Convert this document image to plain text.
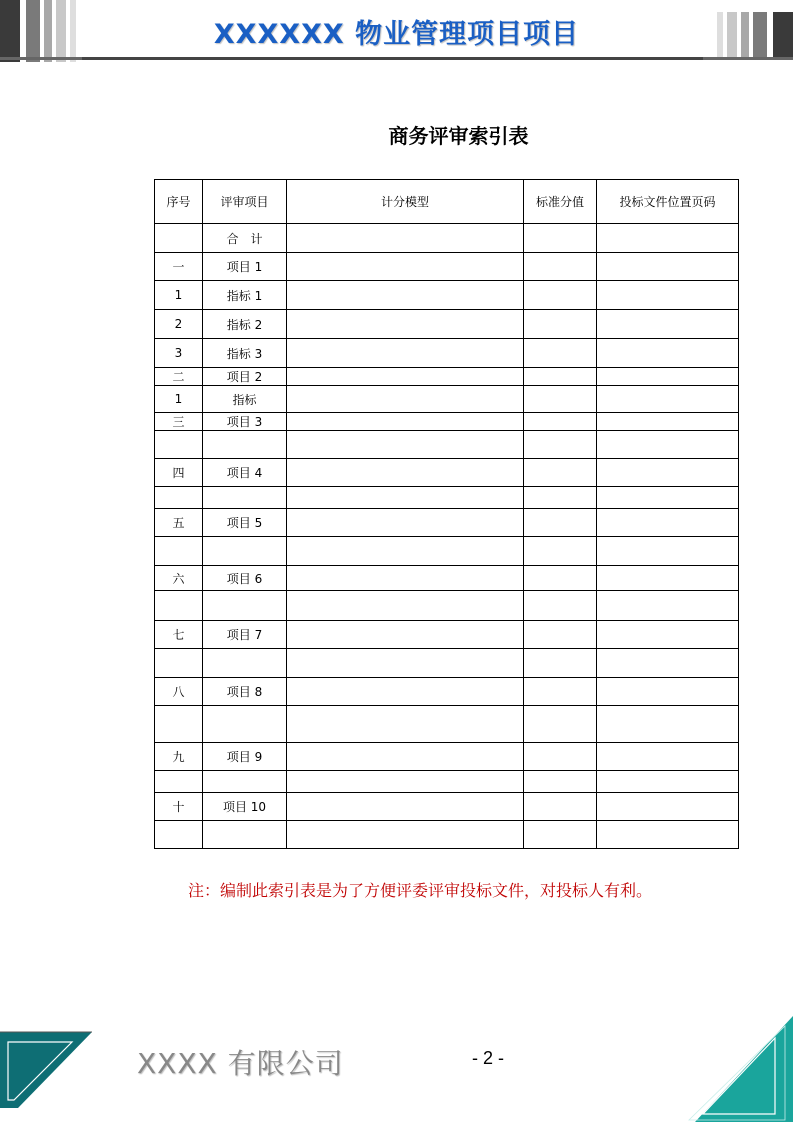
XXXXXX 物业管理项目项目
商务评审索引表
序号	评审项目	计分模型	标准分值	投标文件位置页码
	合　计			
一	项目 1			
1	指标 1			
2	指标 2			
3	指标 3			
二	项目 2			
1	指标			
三	项目 3			

四	项目 4			

五	项目 5			

六	项目 6			

七	项目 7			

八	项目 8			

九	项目 9			

十	项目 10			

注：编制此索引表是为了方便评委评审投标文件，对投标人有利。
XXXX 有限公司	- 2 -
